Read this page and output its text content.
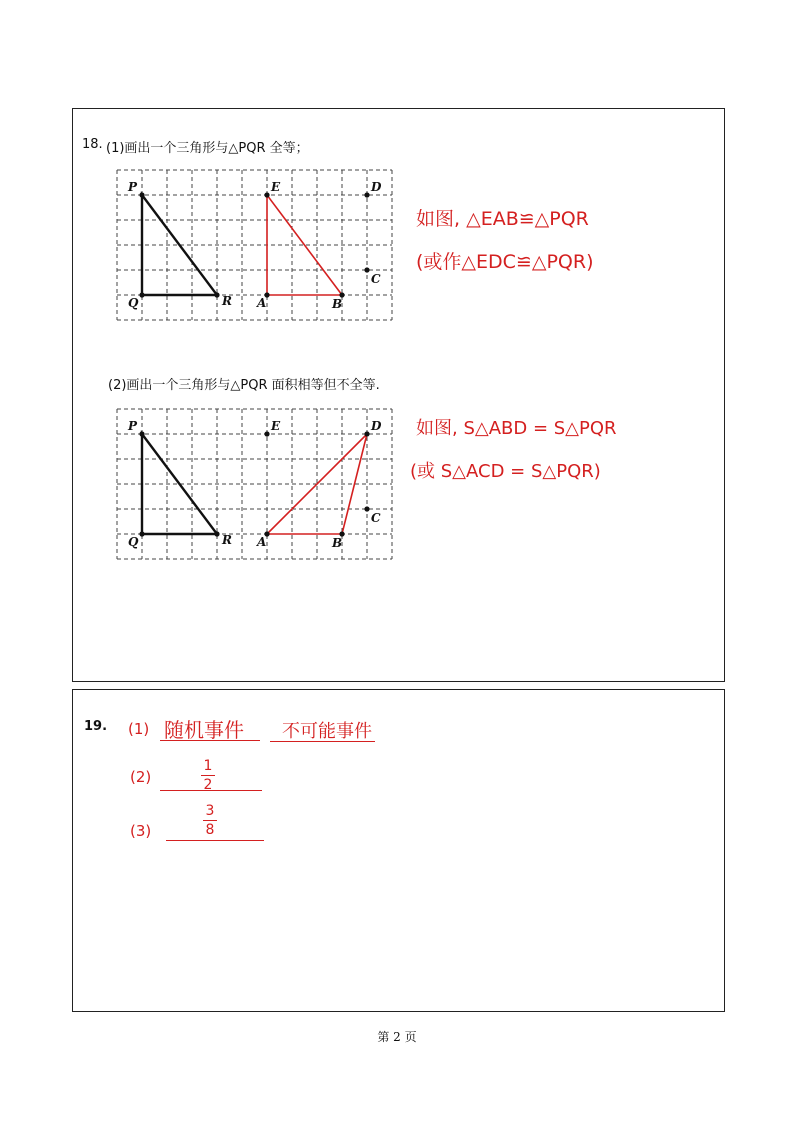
18. (1)画出一个三角形与△PQR 全等；
P
Q	R
E	D
C
A	B
如图, △EAB≌△PQR
(或作△EDC≌△PQR)
(2)画出一个三角形与△PQR 面积相等但不全等.
P
Q	R
E	D
C
A	B
如图, S△ABD = S△PQR
(或 S△ACD = S△PQR)
19. (1) 随机事件 不可能事件
(2)
1
2
(3)
3
8
第 2 页
